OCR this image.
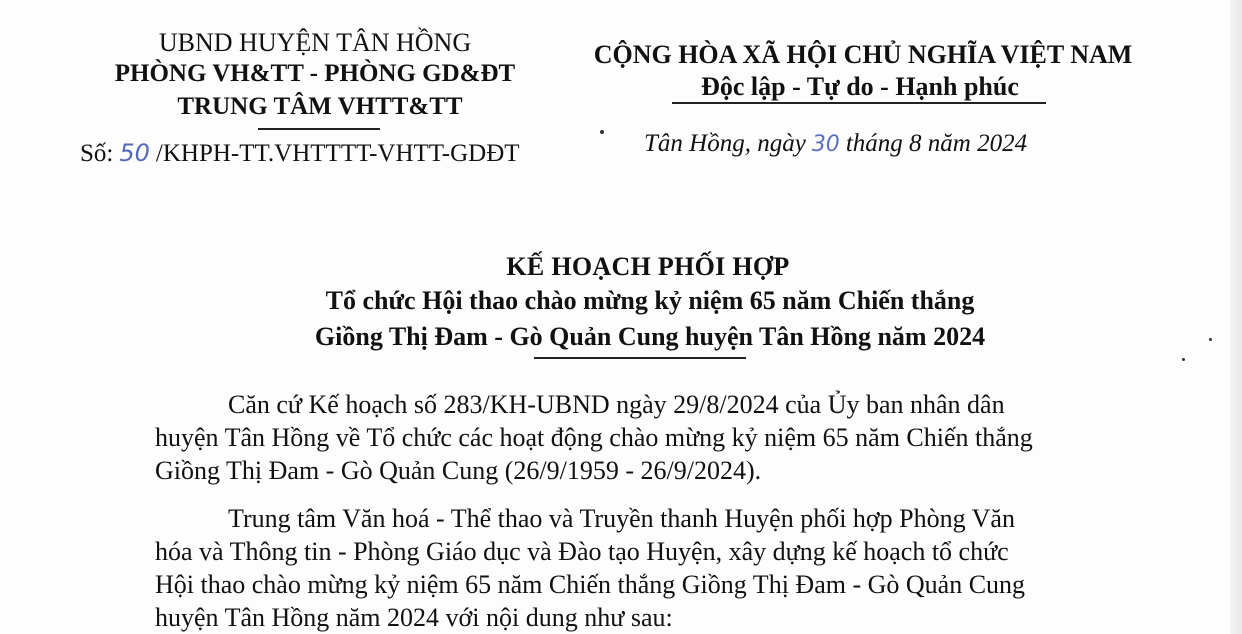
UBND HUYỆN TÂN HỒNG
PHÒNG VH&TT - PHÒNG GD&ĐT
TRUNG TÂM VHTT&TT
Số: 50 /KHPH-TT.VHTTTT-VHTT-GDĐT
CỘNG HÒA XÃ HỘI CHỦ NGHĨA VIỆT NAM
Độc lập - Tự do - Hạnh phúc
Tân Hồng, ngày 30 tháng 8 năm 2024
KẾ HOẠCH PHỐI HỢP
Tổ chức Hội thao chào mừng kỷ niệm 65 năm Chiến thắng
Giồng Thị Đam - Gò Quản Cung huyện Tân Hồng năm 2024
Căn cứ Kế hoạch số 283/KH-UBND ngày 29/8/2024 của Ủy ban nhân dân
huyện Tân Hồng về Tổ chức các hoạt động chào mừng kỷ niệm 65 năm Chiến thắng
Giồng Thị Đam - Gò Quản Cung (26/9/1959 - 26/9/2024).
Trung tâm Văn hoá - Thể thao và Truyền thanh Huyện phối hợp Phòng Văn
hóa và Thông tin - Phòng Giáo dục và Đào tạo Huyện, xây dựng kế hoạch tổ chức
Hội thao chào mừng kỷ niệm 65 năm Chiến thắng Giồng Thị Đam - Gò Quản Cung
huyện Tân Hồng năm 2024 với nội dung như sau:
